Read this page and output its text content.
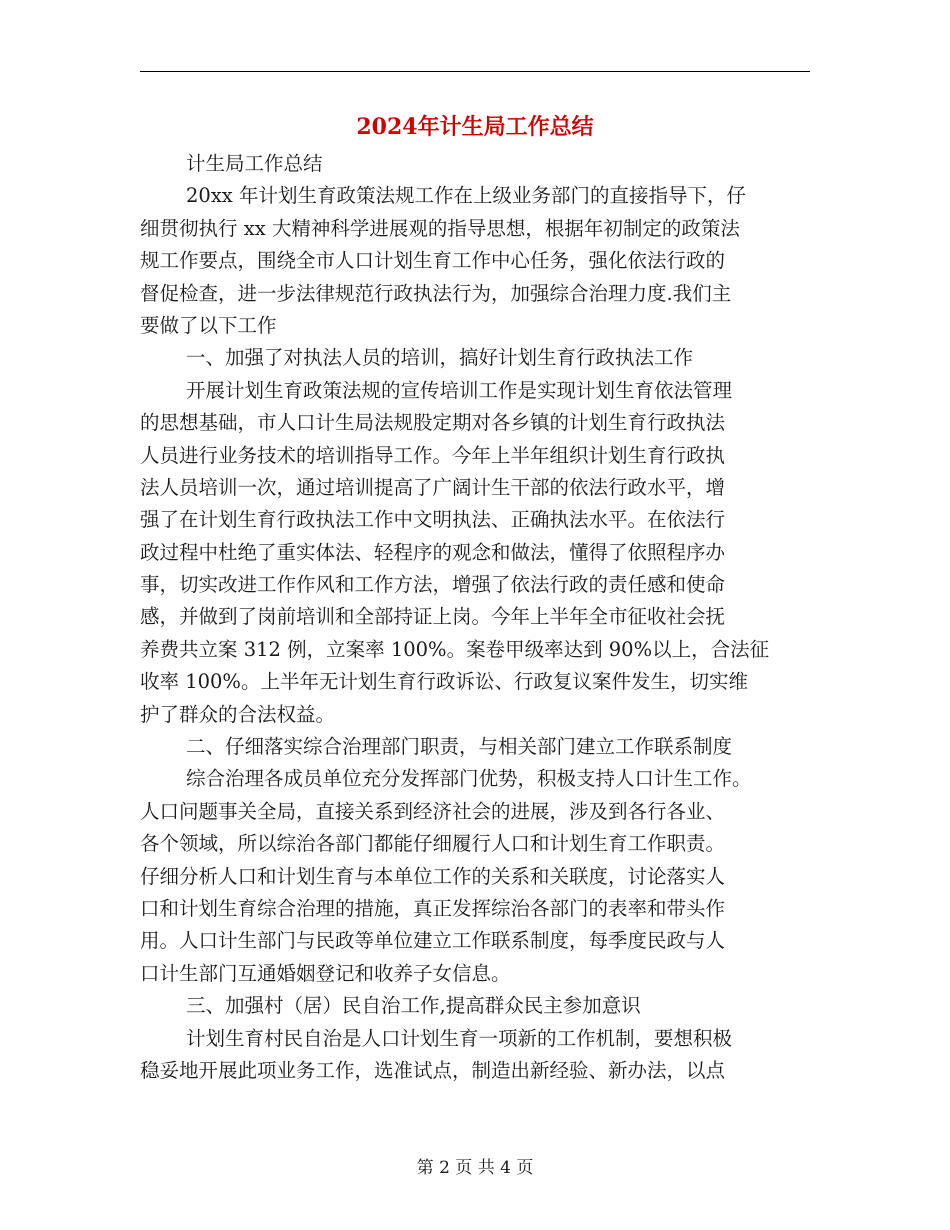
2024年计生局工作总结
计生局工作总结
20xx 年计划生育政策法规工作在上级业务部门的直接指导下，仔
细贯彻执行 xx 大精神科学进展观的指导思想，根据年初制定的政策法
规工作要点，围绕全市人口计划生育工作中心任务，强化依法行政的
督促检查，进一步法律规范行政执法行为，加强综合治理力度.我们主
要做了以下工作
一、加强了对执法人员的培训，搞好计划生育行政执法工作
开展计划生育政策法规的宣传培训工作是实现计划生育依法管理
的思想基础，市人口计生局法规股定期对各乡镇的计划生育行政执法
人员进行业务技术的培训指导工作。今年上半年组织计划生育行政执
法人员培训一次，通过培训提高了广阔计生干部的依法行政水平，增
强了在计划生育行政执法工作中文明执法、正确执法水平。在依法行
政过程中杜绝了重实体法、轻程序的观念和做法，懂得了依照程序办
事，切实改进工作作风和工作方法，增强了依法行政的责任感和使命
感，并做到了岗前培训和全部持证上岗。今年上半年全市征收社会抚
养费共立案 312 例，立案率 100%。案卷甲级率达到 90%以上，合法征
收率 100%。上半年无计划生育行政诉讼、行政复议案件发生，切实维
护了群众的合法权益。
二、仔细落实综合治理部门职责，与相关部门建立工作联系制度
综合治理各成员单位充分发挥部门优势，积极支持人口计生工作。
人口问题事关全局，直接关系到经济社会的进展，涉及到各行各业、
各个领域，所以综治各部门都能仔细履行人口和计划生育工作职责。
仔细分析人口和计划生育与本单位工作的关系和关联度，讨论落实人
口和计划生育综合治理的措施，真正发挥综治各部门的表率和带头作
用。人口计生部门与民政等单位建立工作联系制度，每季度民政与人
口计生部门互通婚姻登记和收养子女信息。
三、加强村（居）民自治工作,提高群众民主参加意识
计划生育村民自治是人口计划生育一项新的工作机制，要想积极
稳妥地开展此项业务工作，选准试点，制造出新经验、新办法，以点
第 2 页 共 4 页
